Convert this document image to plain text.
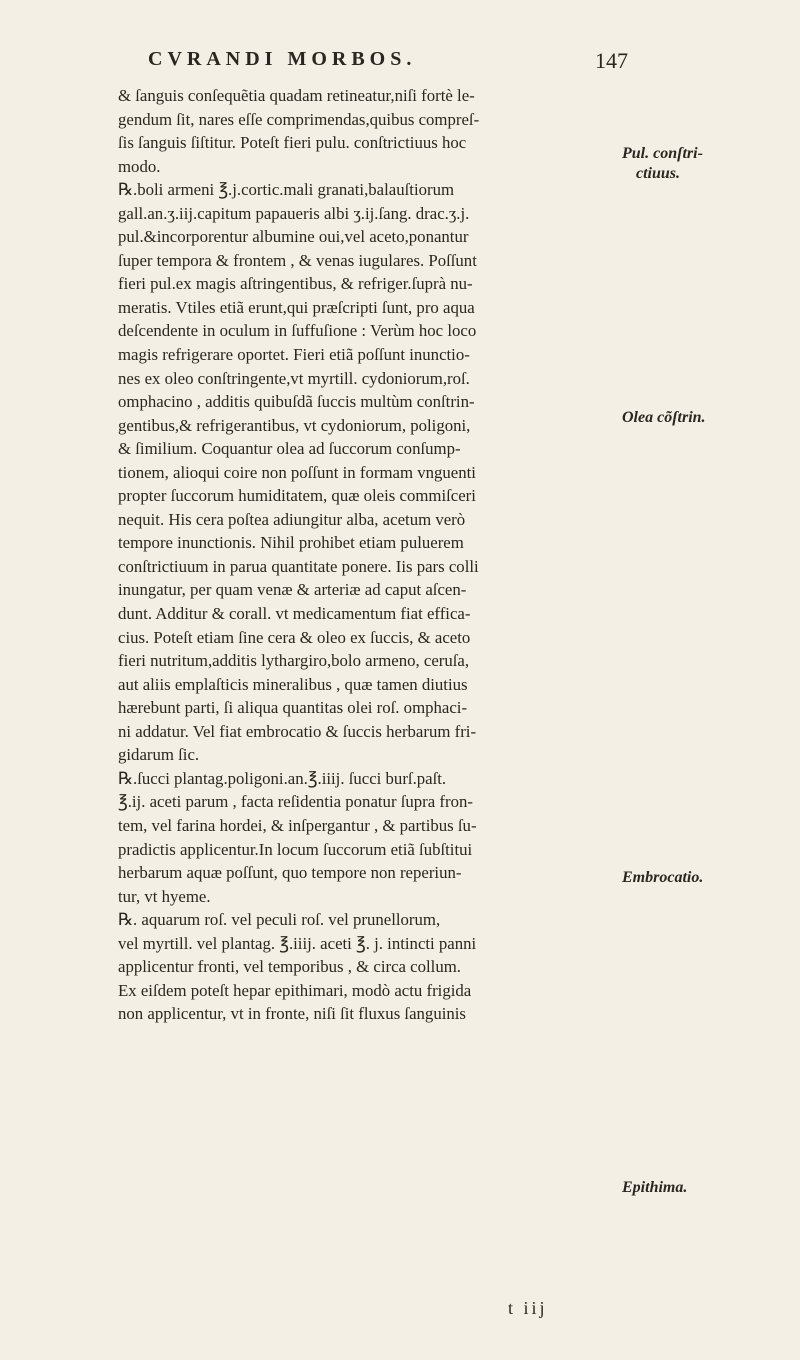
CVRANDI MORBOS.	147
& ſanguis conſequẽtia quadam retineatur,niſi fortè le-
gendum ſit, nares eſſe comprimendas,quibus compreſ-
ſis ſanguis ſiſtitur. Poteſt fieri pulu. conſtrictiuus hoc
modo.
℞.boli armeni ℥.j.cortic.mali granati,balauſtiorum
gall.an.ʒ.iij.capitum papaueris albi ʒ.ij.ſang. drac.ʒ.j.
pul.&incorporentur albumine oui,vel aceto,ponantur
ſuper tempora & frontem , & venas iugulares. Poſſunt
fieri pul.ex magis aſtringentibus, & refriger.ſuprà nu-
meratis. Vtiles etiã erunt,qui præſcripti ſunt, pro aqua
deſcendente in oculum in ſuffuſione : Verùm hoc loco
magis refrigerare oportet. Fieri etiã poſſunt inunctio-
nes ex oleo conſtringente,vt myrtill. cydoniorum,roſ.
omphacino , additis quibuſdã ſuccis multùm conſtrin-
gentibus,& refrigerantibus, vt cydoniorum, poligoni,
& ſimilium. Coquantur olea ad ſuccorum conſump-
tionem, alioqui coire non poſſunt in formam vnguenti
propter ſuccorum humiditatem, quæ oleis commiſceri
nequit. His cera poſtea adiungitur alba, acetum verò
tempore inunctionis. Nihil prohibet etiam puluerem
conſtrictiuum in parua quantitate ponere. Iis pars colli
inungatur, per quam venæ & arteriæ ad caput aſcen-
dunt. Additur & corall. vt medicamentum fiat effica-
cius. Poteſt etiam ſine cera & oleo ex ſuccis, & aceto
fieri nutritum,additis lythargiro,bolo armeno, ceruſa,
aut aliis emplaſticis mineralibus , quæ tamen diutius
hærebunt parti, ſi aliqua quantitas olei roſ. omphaci-
ni addatur. Vel fiat embrocatio & ſuccis herbarum fri-
gidarum ſic.
℞.ſucci plantag.poligoni.an.℥.iiij. ſucci burſ.paſt.
℥.ij. aceti parum , facta reſidentia ponatur ſupra fron-
tem, vel farina hordei, & inſpergantur , & partibus ſu-
pradictis applicentur.In locum ſuccorum etiã ſubſtitui
herbarum aquæ poſſunt, quo tempore non reperiun-
tur, vt hyeme.
℞. aquarum roſ. vel peculi roſ. vel prunellorum,
vel myrtill. vel plantag. ℥.iiij. aceti ℥. j. intincti panni
applicentur fronti, vel temporibus , & circa collum.
Ex eiſdem poteſt hepar epithimari, modò actu frigida
non applicentur, vt in fronte, niſi ſit fluxus ſanguinis
Pul. conſtri-
ctiuus.
Olea cõſtrin.
Embrocatio.
Epithima.
t iij
